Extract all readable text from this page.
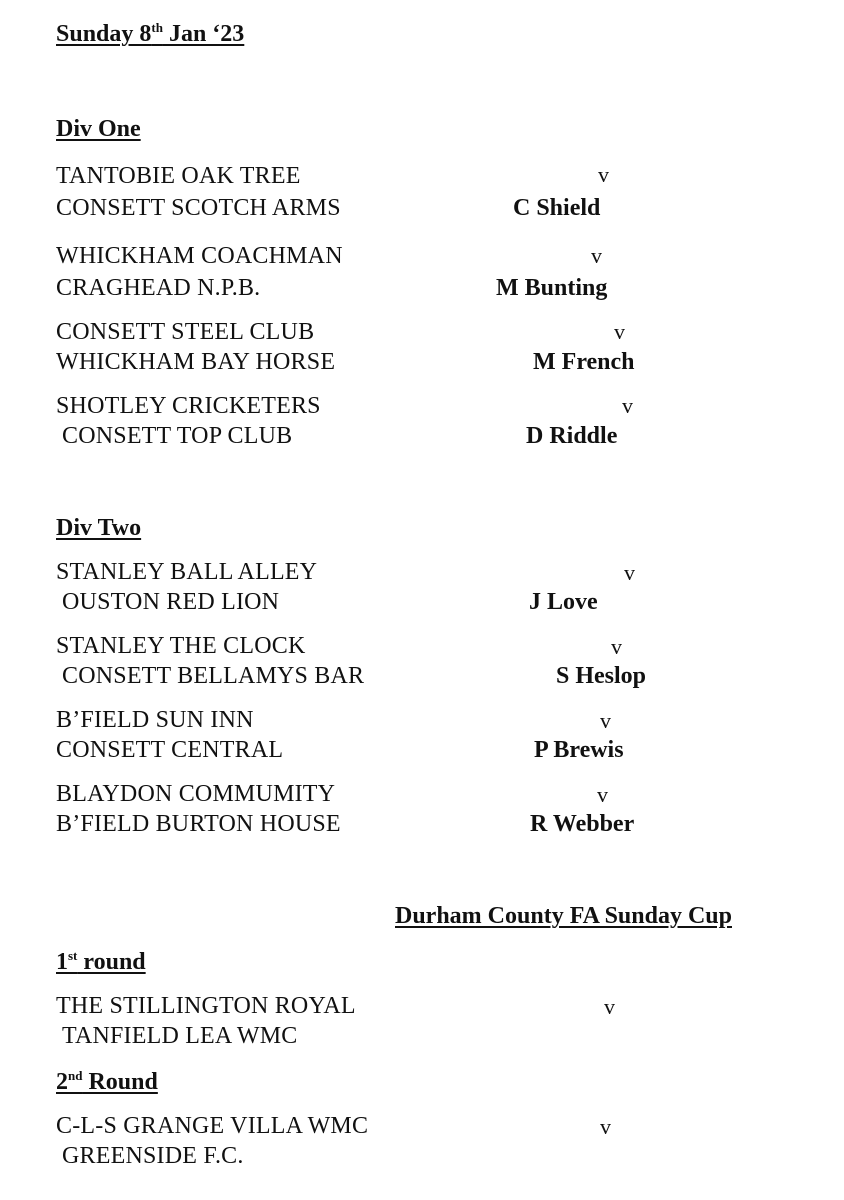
Sunday 8th Jan ‘23
Div One
TANTOBIE OAK TREE	v
CONSETT SCOTCH ARMS	C Shield
WHICKHAM COACHMAN	v
CRAGHEAD N.P.B.	M Bunting
CONSETT STEEL CLUB	v
WHICKHAM BAY HORSE	M French
SHOTLEY CRICKETERS	v
CONSETT TOP CLUB	D Riddle
Div Two
STANLEY BALL ALLEY	v
OUSTON RED LION	J Love
STANLEY THE CLOCK	v
CONSETT BELLAMYS BAR	S Heslop
B’FIELD SUN INN	v
CONSETT CENTRAL	P Brewis
BLAYDON COMMUMITY	v
B’FIELD BURTON HOUSE	R Webber
Durham County FA Sunday Cup
1st round
THE STILLINGTON ROYAL	v
TANFIELD LEA WMC
2nd Round
C-L-S GRANGE VILLA WMC	v
GREENSIDE F.C.
